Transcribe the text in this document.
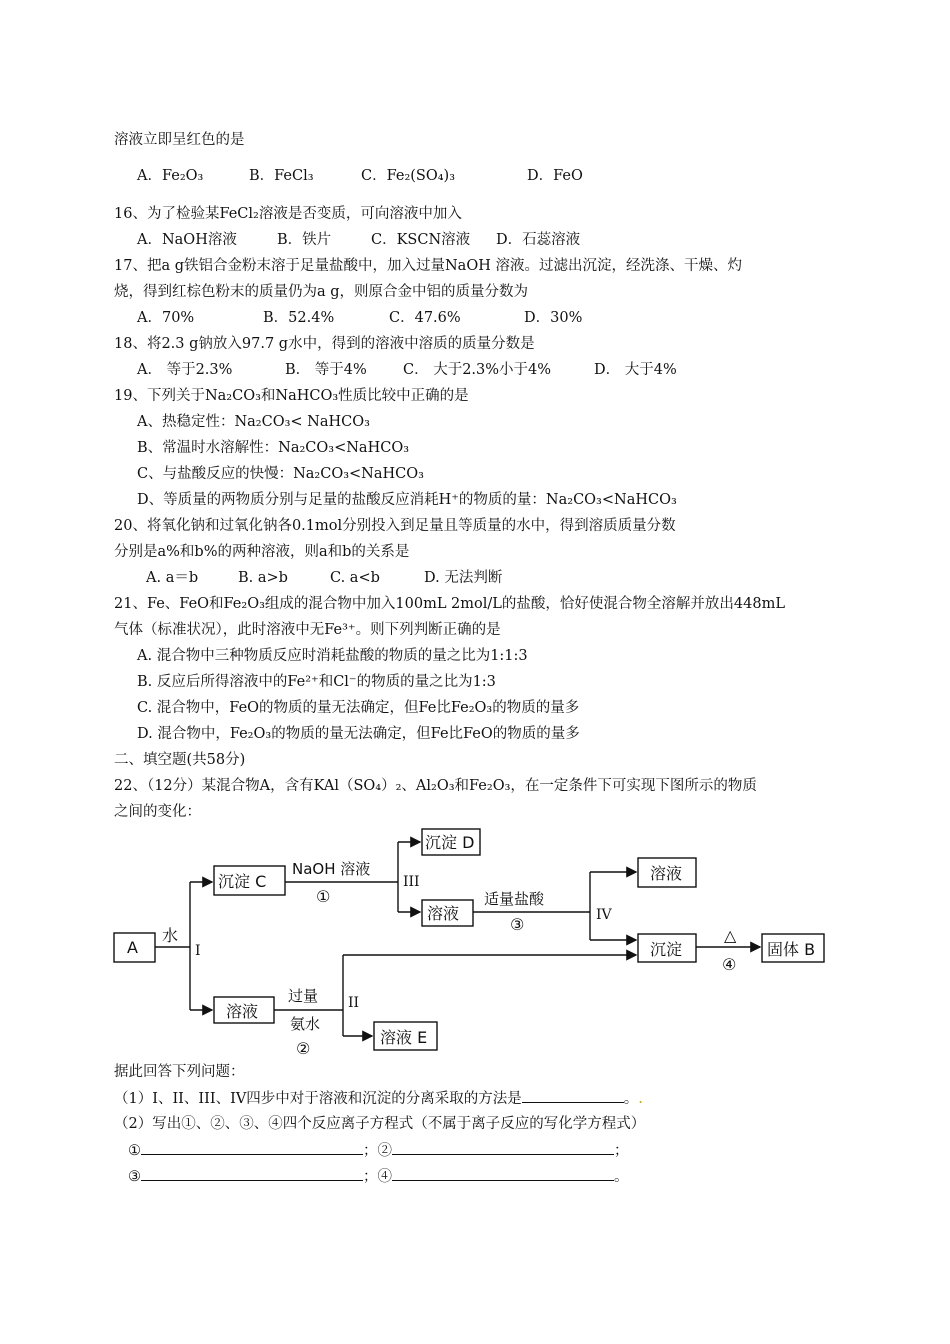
溶液立即呈红色的是
A．Fe₂O₃	B．FeCl₃	C．Fe₂(SO₄)₃	D．FeO
16、为了检验某FeCl₂溶液是否变质，可向溶液中加入
A．NaOH溶液	B．铁片	C．KSCN溶液 D．石蕊溶液
17、把a g铁铝合金粉末溶于足量盐酸中，加入过量NaOH 溶液。过滤出沉淀，经洗涤、干燥、灼
烧，得到红棕色粉末的质量仍为a g，则原合金中铝的质量分数为
A．70%	B．52.4%	C．47.6%	D．30%
18、将2.3 g钠放入97.7 g水中，得到的溶液中溶质的质量分数是
A． 等于2.3%	B． 等于4% C． 大于2.3%小于4%	D． 大于4%
19、下列关于Na₂CO₃和NaHCO₃性质比较中正确的是
A、热稳定性：Na₂CO₃< NaHCO₃
B、常温时水溶解性：Na₂CO₃<NaHCO₃
C、与盐酸反应的快慢：Na₂CO₃<NaHCO₃
D、等质量的两物质分别与足量的盐酸反应消耗H⁺的物质的量：Na₂CO₃<NaHCO₃
20、将氧化钠和过氧化钠各0.1mol分别投入到足量且等质量的水中，得到溶质质量分数
分别是a%和b%的两种溶液，则a和b的关系是
A. a＝b	B. a>b	C. a<b	D. 无法判断
21、Fe、FeO和Fe₂O₃组成的混合物中加入100mL 2mol/L的盐酸，恰好使混合物全溶解并放出448mL
气体（标准状况），此时溶液中无Fe³⁺。则下列判断正确的是
A. 混合物中三种物质反应时消耗盐酸的物质的量之比为1:1:3
B. 反应后所得溶液中的Fe²⁺和Cl⁻的物质的量之比为1:3
C. 混合物中，FeO的物质的量无法确定，但Fe比Fe₂O₃的物质的量多
D. 混合物中，Fe₂O₃的物质的量无法确定，但Fe比FeO的物质的量多
二、填空题(共58分)
22、（12分）某混合物A，含有KAl（SO₄）₂、Al₂O₃和Fe₂O₃，在一定条件下可实现下图所示的物质
之间的变化：
A
水
I
沉淀 C
NaOH 溶液
①
III
沉淀 D
溶液
适量盐酸
③	IV
溶液
沉淀
△
④
固体 B
溶液
过量
氨水
②
II
溶液 E
据此回答下列问题：
（1）I、II、III、IV四步中对于溶液和沉淀的分离采取的方法是	。.
（2）写出①、②、③、④四个反应离子方程式（不属于离子反应的写化学方程式）
①	；②	；
③	；④	。
